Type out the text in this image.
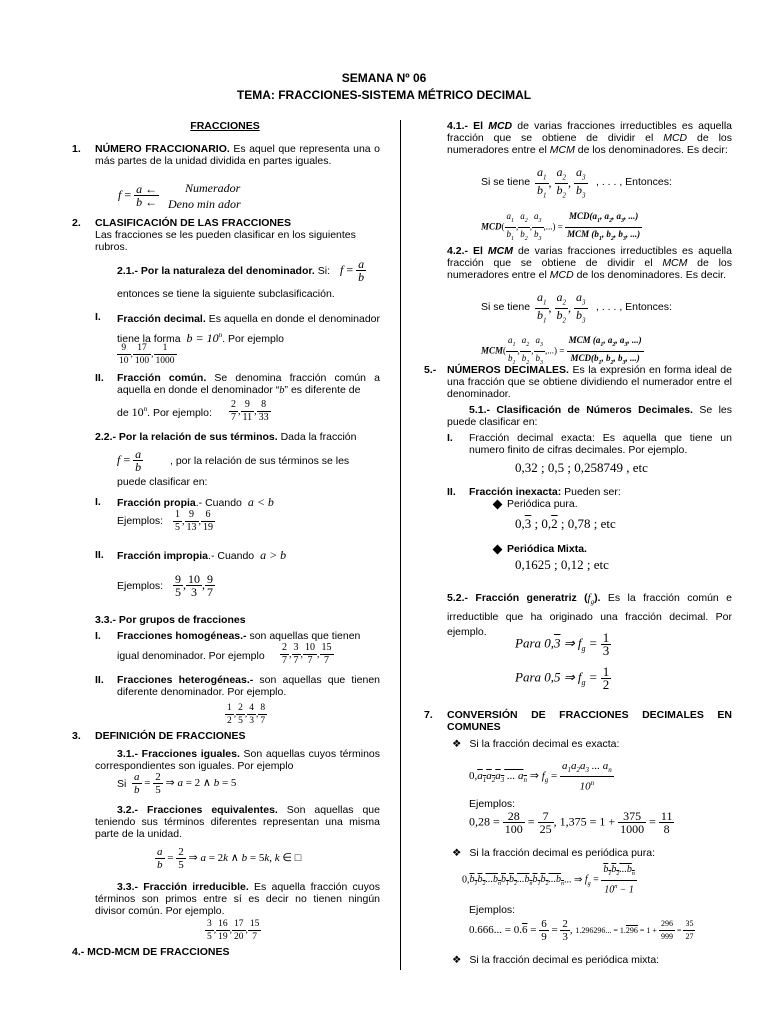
SEMANA Nº 06
TEMA: FRACCIONES-SISTEMA MÉTRICO DECIMAL
FRACCIONES
1. NÚMERO FRACCIONARIO. Es aquel que representa una o más partes de la unidad dividida en partes iguales.
$f = \frac{a \leftarrow}{b \leftarrow}$ Numerador
Deno min ador
2. CLASIFICACIÓN DE LAS FRACCIONES
Las fracciones se les pueden clasificar en los siguientes rubros.
2.1.- Por la naturaleza del denominador. Si: $f = \frac{a}{b}$
entonces se tiene la siguiente subclasificación.
I. Fracción decimal. Es aquella en donde el denominador tiene la forma  $b = 10^n$. Por ejemplo
$\frac{9}{10}$ , $\frac{17}{100}$ , $\frac{1}{1000}$
II. Fracción común. Se denomina fracción común a aquella en donde el denominador “b” es diferente de
de 10$^n$. Por ejemplo: $\frac{2}{7}$ , $\frac{9}{11}$ , $\frac{8}{33}$
2.2.- Por la relación de sus términos. Dada la fracción
$f = \frac{a}{b}$	, por la relación de sus términos se les
puede clasificar en:
I. Fracción propia.- Cuando  a < b
Ejemplos: $\frac{1}{5}$ , $\frac{9}{13}$ , $\frac{6}{19}$
II. Fracción impropia.- Cuando  a > b
Ejemplos: $\frac{9}{5}$ , $\frac{10}{3}$ , $\frac{9}{7}$
3.3.- Por grupos de fracciones
I. Fracciones homogéneas.- son aquellas que tienen
igual denominador. Por ejemplo $\frac{2}{7}$ , $\frac{3}{7}$ , $\frac{10}{7}$ , $\frac{15}{7}$
II. Fracciones heterogéneas.- son aquellas que tienen diferente denominador. Por ejemplo.
$\frac{1}{2}$ , $\frac{2}{5}$ , $\frac{4}{3}$ , $\frac{8}{7}$
3. DEFINICIÓN DE FRACCIONES
3.1.- Fracciones iguales. Son aquellas cuyos términos correspondientes son iguales. Por ejemplo
Si $\frac{a}{b} = \frac{2}{5}$ ⇒ a = 2 ∧ b = 5
3.2.- Fracciones equivalentes. Son aquellas que teniendo sus términos diferentes representan una misma parte de la unidad.
$\frac{a}{b} = \frac{2}{5}$ ⇒ a = 2k ∧ b = 5k, k ∈ □
3.3.- Fracción irreducible. Es aquella fracción cuyos términos son primos entre sí es decir no tienen ningún divisor común. Por ejemplo.
$\frac{3}{5}$ , $\frac{16}{19}$ , $\frac{17}{20}$ , $\frac{15}{7}$
4.- MCD-MCM DE FRACCIONES
4.1.- El MCD de varias fracciones irreductibles es aquella fracción que se obtiene de dividir el MCD de los numeradores entre el MCM de los denominadores. Es decir:
Si se tiene $\frac{a_1}{b_1}$ , $\frac{a_2}{b_2}$ , $\frac{a_3}{b_3}$ , . . . , Entonces:
$MCD( \frac{a_1}{b_1}$ , $\frac{a_2}{b_2}$ , $\frac{a_3}{b_3}$ ,...) = $\frac{MCD(a_1, a_2, a_3, ...)}{MCM (b_1, b_2, b_3, ...)}$
4.2.- El MCM de varias fracciones irreductibles es aquella fracción que se obtiene de dividir el MCM de los numeradores entre el MCD de los denominadores. Es decir.
Si se tiene $\frac{a_1}{b_1}$ , $\frac{a_2}{b_2}$ , $\frac{a_3}{b_3}$ , . . . , Entonces:
$MCM( \frac{a_1}{b_1}$ , $\frac{a_2}{b_2}$ , $\frac{a_3}{b_3}$ ,...) = $\frac{MCM (a_1, a_2, a_3, ...)}{MCD(b_1, b_2, b_3, ...)}$
5.- NÚMEROS DECIMALES. Es la expresión en forma ideal de una fracción que se obtiene dividiendo el numerador entre el denominador.
5.1.- Clasificación de Números Decimales. Se les puede clasificar en:
I. Fracción decimal exacta: Es aquella que tiene un numero finito de cifras decimales. Por ejemplo.
0,32 ; 0,5 ; 0,258749 , etc
II. Fracción inexacta: Pueden ser:
Periódica pura.
0,3 ; 0,2 ; 0,78 ; etc
Periódica Mixta.
0,1625 ; 0,12 ; etc
5.2.- Fracción generatriz $(f_g)$. Es la fracción común e irreductible que ha originado una fracción decimal. Por ejemplo.
Para 0,3 ⇒ $f_g = \frac{1}{3}$
Para 0,5 ⇒ $f_g = \frac{1}{2}$
7. CONVERSIÓN DE FRACCIONES DECIMALES EN COMUNES
❖ Si la fracción decimal es exacta:
$0,a_1a_2a_3$ ... $a_n$ ⇒ $f_g = \frac{a_1a_2a_3 ... a_n}{10^n}$
Ejemplos:
$0,28 = \frac{28}{100} = \frac{7}{25}$ , $1,375 = 1 + \frac{375}{1000} = \frac{11}{8}$
❖ Si la fracción decimal es periódica pura:
$0,b_1b_2...b_nb_1b_2...b_nb_1b_2...b_n$... ⇒ $f_g = \frac{b_1b_2...b_n}{10^n - 1}$
Ejemplos:
0.666... = $0.6 = \frac{6}{9} = \frac{2}{3}$ , 1.296296... = $1.296 = 1 + \frac{296}{999} = \frac{35}{27}$
❖ Si la fracción decimal es periódica mixta:
